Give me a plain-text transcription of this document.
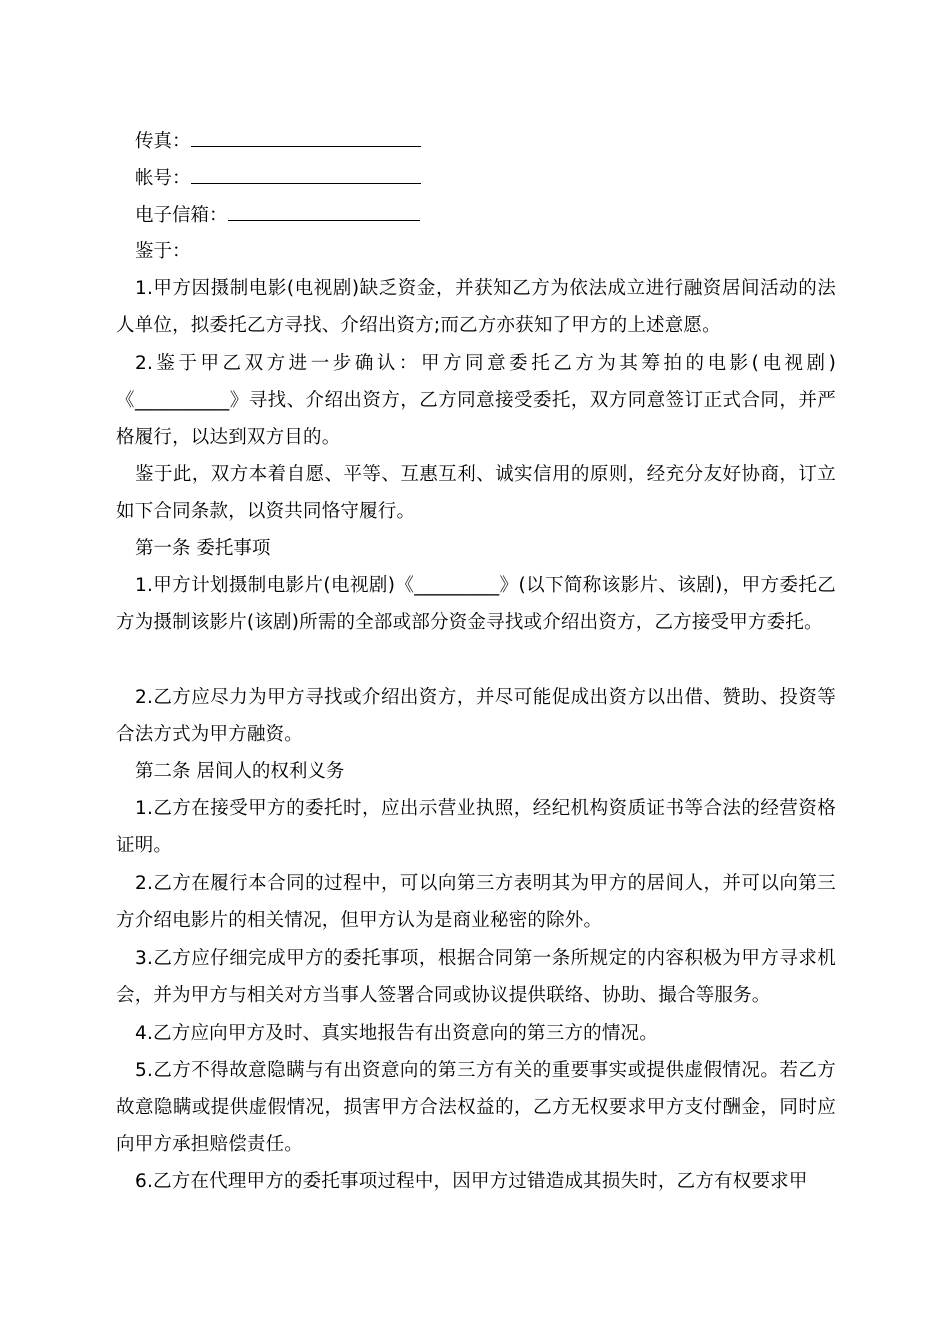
传真：
帐号：
电子信箱：
鉴于：
1.甲方因摄制电影(电视剧)缺乏资金，并获知乙方为依法成立进行融资居间活动的法人单位，拟委托乙方寻找、介绍出资方;而乙方亦获知了甲方的上述意愿。
2.鉴于甲乙双方进一步确认：甲方同意委托乙方为其筹拍的电影(电视剧)《__________》寻找、介绍出资方，乙方同意接受委托，双方同意签订正式合同，并严格履行，以达到双方目的。
鉴于此，双方本着自愿、平等、互惠互利、诚实信用的原则，经充分友好协商，订立如下合同条款，以资共同恪守履行。
第一条 委托事项
1.甲方计划摄制电影片(电视剧)《_________》(以下简称该影片、该剧)，甲方委托乙方为摄制该影片(该剧)所需的全部或部分资金寻找或介绍出资方，乙方接受甲方委托。
2.乙方应尽力为甲方寻找或介绍出资方，并尽可能促成出资方以出借、赞助、投资等合法方式为甲方融资。
第二条 居间人的权利义务
1.乙方在接受甲方的委托时，应出示营业执照，经纪机构资质证书等合法的经营资格证明。
2.乙方在履行本合同的过程中，可以向第三方表明其为甲方的居间人，并可以向第三方介绍电影片的相关情况，但甲方认为是商业秘密的除外。
3.乙方应仔细完成甲方的委托事项，根据合同第一条所规定的内容积极为甲方寻求机会，并为甲方与相关对方当事人签署合同或协议提供联络、协助、撮合等服务。
4.乙方应向甲方及时、真实地报告有出资意向的第三方的情况。
5.乙方不得故意隐瞒与有出资意向的第三方有关的重要事实或提供虚假情况。若乙方故意隐瞒或提供虚假情况，损害甲方合法权益的，乙方无权要求甲方支付酬金，同时应向甲方承担赔偿责任。
6.乙方在代理甲方的委托事项过程中，因甲方过错造成其损失时，乙方有权要求甲
